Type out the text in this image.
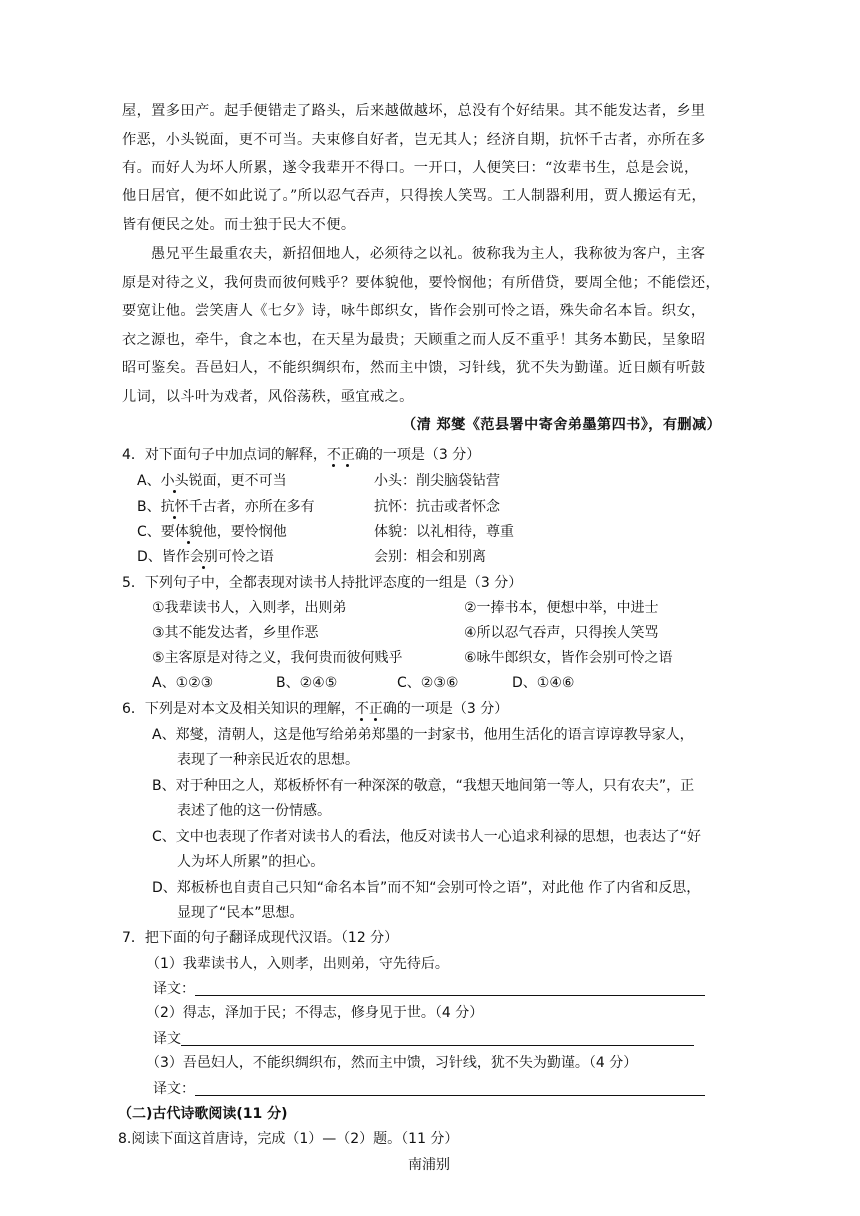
屋，置多田产。起手便错走了路头，后来越做越坏，总没有个好结果。其不能发达者，乡里
作恶，小头锐面，更不可当。夫束修自好者，岂无其人；经济自期，抗怀千古者，亦所在多
有。而好人为坏人所累，遂令我辈开不得口。一开口，人便笑曰：“汝辈书生，总是会说，
他日居官，便不如此说了。”所以忍气吞声，只得挨人笑骂。工人制器利用，贾人搬运有无，
皆有便民之处。而士独于民大不便。
愚兄平生最重农夫，新招佃地人，必须待之以礼。彼称我为主人，我称彼为客户，主客
原是对待之义，我何贵而彼何贱乎？要体貌他，要怜悯他；有所借贷，要周全他；不能偿还，
要宽让他。尝笑唐人《七夕》诗，咏牛郎织女，皆作会别可怜之语，殊失命名本旨。织女，
衣之源也，牵牛，食之本也，在天星为最贵；天顾重之而人反不重乎！其务本勤民，呈象昭
昭可鉴矣。吾邑妇人，不能织绸织布，然而主中馈，习针线，犹不失为勤谨。近日颇有听鼓
儿词，以斗叶为戏者，风俗荡秩，亟宜戒之。
（清 郑燮《范县署中寄舍弟墨第四书》，有删减）
4．对下面句子中加点词的解释，不正确的一项是（3 分）
A、小头锐面，更不可当	小头：削尖脑袋钻营
B、抗怀千古者，亦所在多有	抗怀：抗击或者怀念
C、要体貌他，要怜悯他	体貌：以礼相待，尊重
D、皆作会别可怜之语	会别：相会和别离
5．下列句子中，全都表现对读书人持批评态度的一组是（3 分）
①我辈读书人，入则孝，出则弟	②一捧书本，便想中举，中进士
③其不能发达者，乡里作恶	④所以忍气吞声，只得挨人笑骂
⑤主客原是对待之义，我何贵而彼何贱乎	⑥咏牛郎织女，皆作会别可怜之语
A、①②③	B、②④⑤	C、②③⑥	D、①④⑥
6．下列是对本文及相关知识的理解，不正确的一项是（3 分）
A、郑燮，清朝人，这是他写给弟弟郑墨的一封家书，他用生活化的语言谆谆教导家人，
表现了一种亲民近农的思想。
B、对于种田之人，郑板桥怀有一种深深的敬意，“我想天地间第一等人，只有农夫”，正
表述了他的这一份情感。
C、文中也表现了作者对读书人的看法，他反对读书人一心追求利禄的思想，也表达了“好
人为坏人所累”的担心。
D、郑板桥也自责自己只知“命名本旨”而不知“会别可怜之语”，对此他 作了内省和反思，
显现了“民本”思想。
7．把下面的句子翻译成现代汉语。（12 分）
（1）我辈读书人，入则孝，出则弟，守先待后。
译文：
（2）得志，泽加于民；不得志，修身见于世。（4 分）
译文
（3）吾邑妇人，不能织绸织布，然而主中馈，习针线，犹不失为勤谨。（4 分）
译文：
（二)古代诗歌阅读(11 分)
8.阅读下面这首唐诗，完成（1）—（2）题。（11 分）
南浦别
